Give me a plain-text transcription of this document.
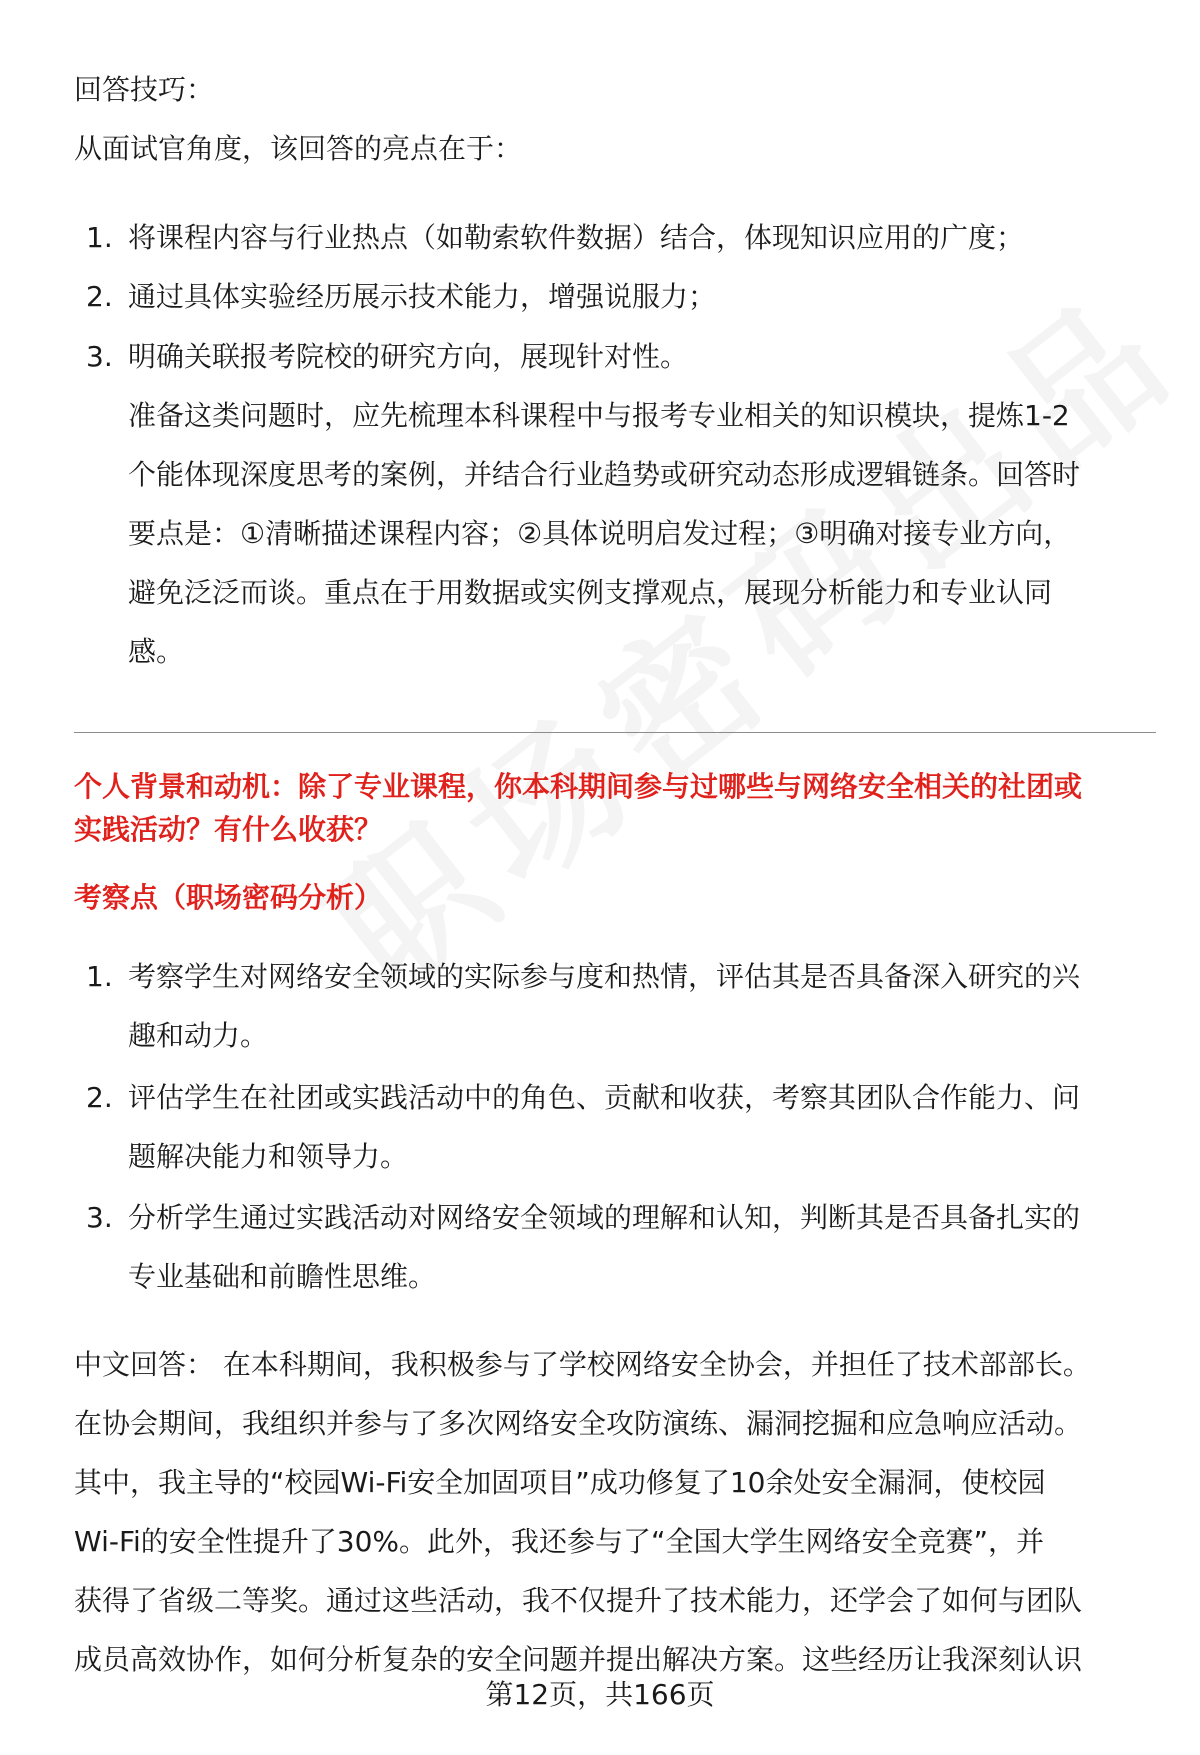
回答技巧：
从面试官角度，该回答的亮点在于：
1. 将课程内容与行业热点（如勒索软件数据）结合，体现知识应用的广度；
2. 通过具体实验经历展示技术能力，增强说服力；
3. 明确关联报考院校的研究方向，展现针对性。
准备这类问题时，应先梳理本科课程中与报考专业相关的知识模块，提炼1-2
个能体现深度思考的案例，并结合行业趋势或研究动态形成逻辑链条。回答时
要点是：①清晰描述课程内容；②具体说明启发过程；③明确对接专业方向，
避免泛泛而谈。重点在于用数据或实例支撑观点，展现分析能力和专业认同
感。
个人背景和动机：除了专业课程，你本科期间参与过哪些与网络安全相关的社团或
实践活动？有什么收获？
考察点（职场密码分析）
1. 考察学生对网络安全领域的实际参与度和热情，评估其是否具备深入研究的兴
趣和动力。
2. 评估学生在社团或实践活动中的角色、贡献和收获，考察其团队合作能力、问
题解决能力和领导力。
3. 分析学生通过实践活动对网络安全领域的理解和认知，判断其是否具备扎实的
专业基础和前瞻性思维。
中文回答： 在本科期间，我积极参与了学校网络安全协会，并担任了技术部部长。
在协会期间，我组织并参与了多次网络安全攻防演练、漏洞挖掘和应急响应活动。
其中，我主导的“校园Wi-Fi安全加固项目”成功修复了10余处安全漏洞，使校园
Wi-Fi的安全性提升了30%。此外，我还参与了“全国大学生网络安全竞赛”，并
获得了省级二等奖。通过这些活动，我不仅提升了技术能力，还学会了如何与团队
成员高效协作，如何分析复杂的安全问题并提出解决方案。这些经历让我深刻认识
第12页，共166页
